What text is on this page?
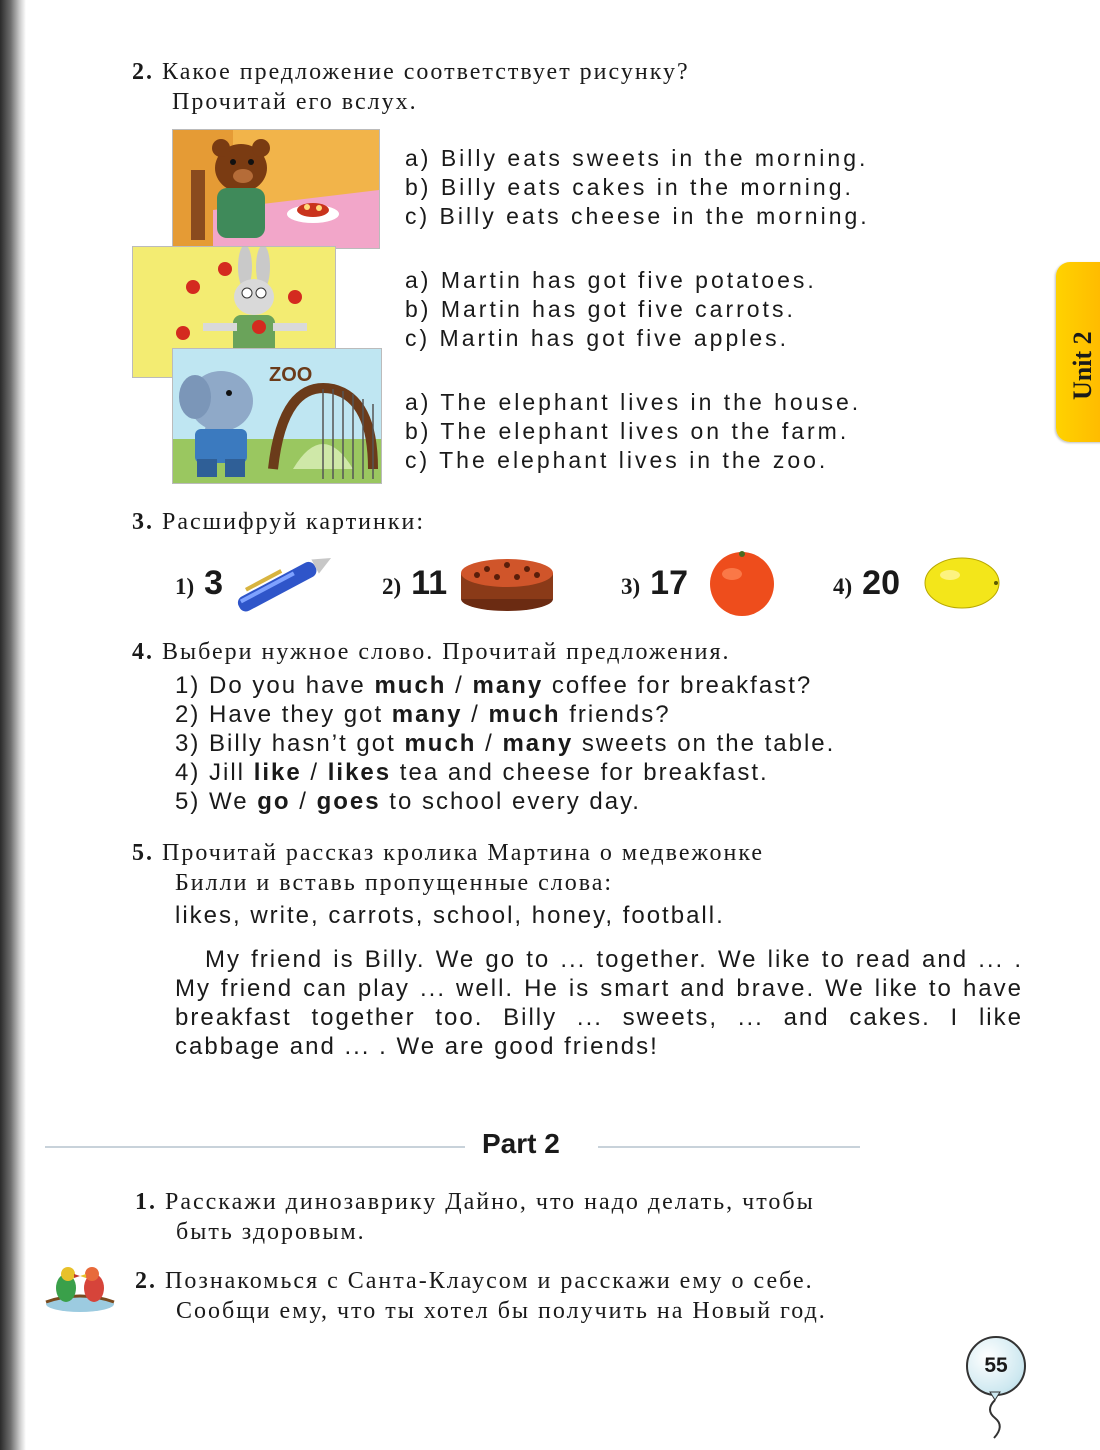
Unit 2
2. Какое предложение соответствует рисунку?
Прочитай его вслух.
a) Billy eats sweets in the morning.
b) Billy eats cakes in the morning.
c) Billy eats cheese in the morning.
a) Martin has got five potatoes.
b) Martin has got five carrots.
c) Martin has got five apples.
ZOO
a) The elephant lives in the house.
b) The elephant lives on the farm.
c) The elephant lives in the zoo.
3. Расшифруй картинки:
1) 3	2) 11	3) 17	4) 20
4. Выбери нужное слово. Прочитай предложения.
1) Do you have much / many coffee for breakfast?
2) Have they got many / much friends?
3) Billy hasn’t got much / many sweets on the table.
4) Jill like / likes tea and cheese for breakfast.
5) We go / goes to school every day.
5. Прочитай рассказ кролика Мартина о медвежонке
Билли и вставь пропущенные слова:
likes, write, carrots, school, honey, football.
My friend is Billy. We go to ... together. We like to read and ... . My friend can play ... well. He is smart and brave. We like to have breakfast together too. Billy ... sweets, ... and cakes. I like cabbage and ... . We are good friends!
Part 2
1. Расскажи динозаврику Дайно, что надо делать, чтобы
быть здоровым.
2. Познакомься с Санта-Клаусом и расскажи ему о себе.
Сообщи ему, что ты хотел бы получить на Новый год.
55
